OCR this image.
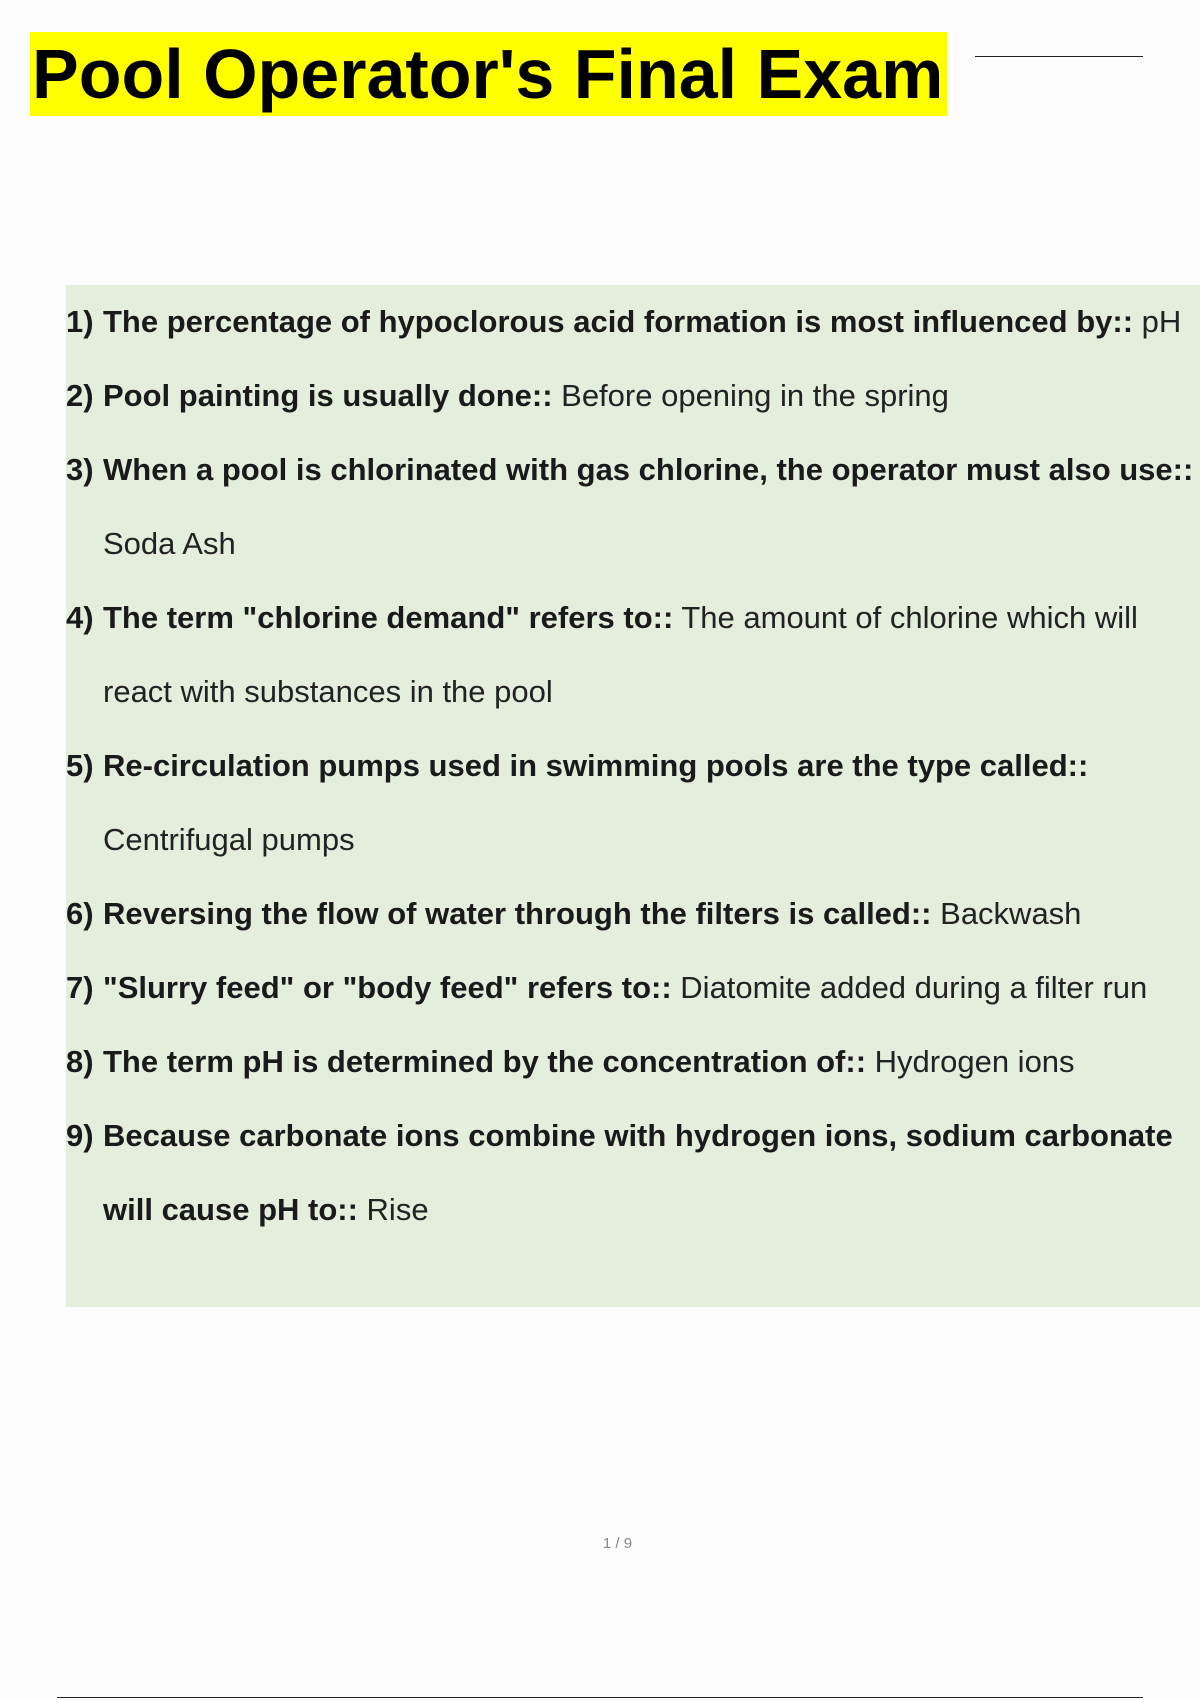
Pool Operator's Final Exam
1) The percentage of hypoclorous acid formation is most influenced by:: pH
2) Pool painting is usually done:: Before opening in the spring
3) When a pool is chlorinated with gas chlorine, the operator must also use:: Soda Ash
4) The term "chlorine demand" refers to:: The amount of chlorine which will react with substances in the pool
5) Re-circulation pumps used in swimming pools are the type called:: Centrifugal pumps
6) Reversing the flow of water through the filters is called:: Backwash
7) "Slurry feed" or "body feed" refers to:: Diatomite added during a filter run
8) The term pH is determined by the concentration of:: Hydrogen ions
9) Because carbonate ions combine with hydrogen ions, sodium carbonate will cause pH to:: Rise
1 / 9
